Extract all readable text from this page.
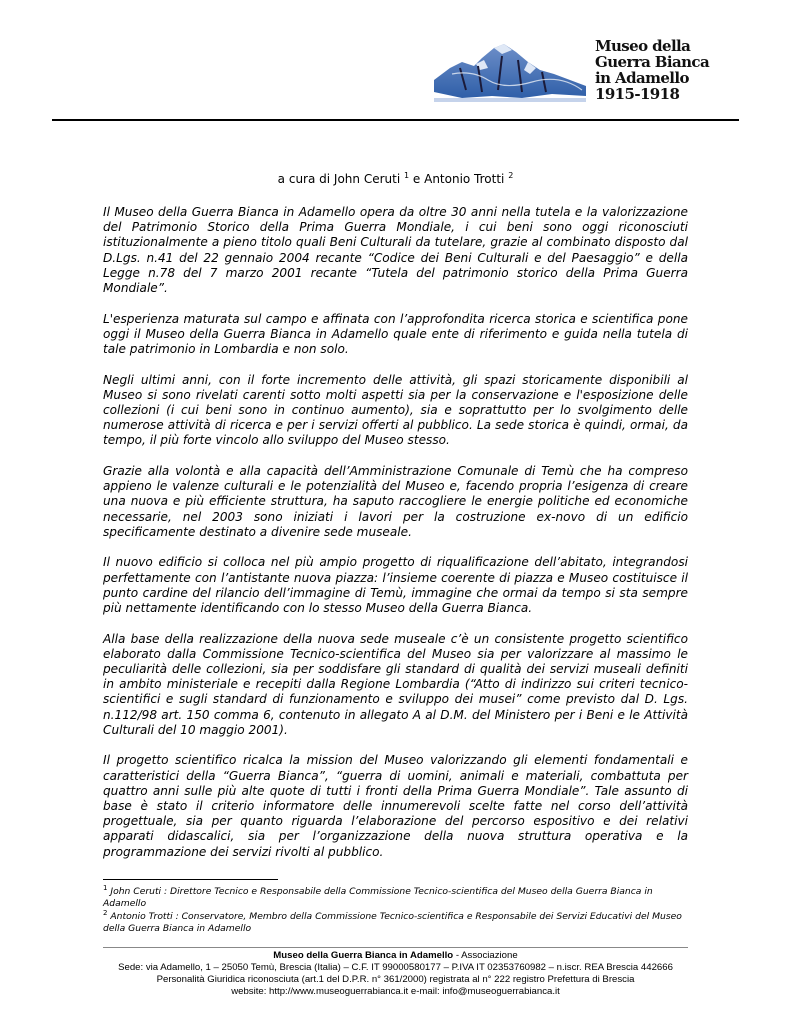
Museo della
Guerra Bianca
in Adamello
1915-1918
a cura di John Ceruti $^1$ e Antonio Trotti $^2$

Il Museo della Guerra Bianca in Adamello opera da oltre 30 anni nella tutela e la valorizzazione del Patrimonio Storico della Prima Guerra Mondiale, i cui beni sono oggi riconosciuti istituzionalmente a pieno titolo quali Beni Culturali da tutelare, grazie al combinato disposto dal D.Lgs. n.41 del 22 gennaio 2004 recante “Codice dei Beni Culturali e del Paesaggio” e della Legge n.78 del 7 marzo 2001 recante “Tutela del patrimonio storico della Prima Guerra Mondiale”.

L'esperienza maturata sul campo e affinata con l’approfondita ricerca storica e scientifica pone oggi il Museo della Guerra Bianca in Adamello quale ente di riferimento e guida nella tutela di tale patrimonio in Lombardia e non solo.

Negli ultimi anni, con il forte incremento delle attività, gli spazi storicamente disponibili al Museo si sono rivelati carenti sotto molti aspetti sia per la conservazione e l'esposizione delle collezioni (i cui beni sono in continuo aumento), sia e soprattutto per lo svolgimento delle numerose attività di ricerca e per i servizi offerti al pubblico. La sede storica è quindi, ormai, da tempo, il più forte vincolo allo sviluppo del Museo stesso.

Grazie alla volontà e alla capacità dell’Amministrazione Comunale di Temù che ha compreso appieno le valenze culturali e le potenzialità del Museo e, facendo propria l’esigenza di creare una nuova e più efficiente struttura, ha saputo raccogliere le energie politiche ed economiche necessarie, nel 2003 sono iniziati i lavori per la costruzione ex-novo di un edificio specificamente destinato a divenire sede museale.

Il nuovo edificio si colloca nel più ampio progetto di riqualificazione dell’abitato, integrandosi perfettamente con l’antistante nuova piazza: l’insieme coerente di piazza e Museo costituisce il punto cardine del rilancio dell’immagine di Temù, immagine che ormai da tempo si sta sempre più nettamente identificando con lo stesso Museo della Guerra Bianca.

Alla base della realizzazione della nuova sede museale c’è un consistente progetto scientifico elaborato dalla Commissione Tecnico-scientifica del Museo sia per valorizzare al massimo le peculiarità delle collezioni, sia per soddisfare gli standard di qualità dei servizi museali definiti in ambito ministeriale e recepiti dalla Regione Lombardia (“Atto di indirizzo sui criteri tecnico-scientifici e sugli standard di funzionamento e sviluppo dei musei” come previsto dal D. Lgs. n.112/98 art. 150 comma 6, contenuto in allegato A al D.M. del Ministero per i Beni e le Attività Culturali del 10 maggio 2001).

Il progetto scientifico ricalca la mission del Museo valorizzando gli elementi fondamentali e caratteristici della “Guerra Bianca”, “guerra di uomini, animali e materiali, combattuta per quattro anni sulle più alte quote di tutti i fronti della Prima Guerra Mondiale”. Tale assunto di base è stato il criterio informatore delle innumerevoli scelte fatte nel corso dell’attività progettuale, sia per quanto riguarda l’elaborazione del percorso espositivo e dei relativi apparati didascalici, sia per l’organizzazione della nuova struttura operativa e la programmazione dei servizi rivolti al pubblico.

$^1$ John Ceruti : Direttore Tecnico e Responsabile della Commissione Tecnico-scientifica del Museo della Guerra Bianca in Adamello

$^2$ Antonio Trotti : Conservatore, Membro della Commissione Tecnico-scientifica e Responsabile dei Servizi Educativi del Museo della Guerra Bianca in Adamello

Museo della Guerra Bianca in Adamello - Associazione
Sede: via Adamello, 1 – 25050 Temù, Brescia (Italia) – C.F. IT 99000580177 – P.IVA IT 02353760982 – n.iscr. REA Brescia 442666
Personalità Giuridica riconosciuta (art.1 del D.P.R. n° 361/2000) registrata al n° 222 registro Prefettura di Brescia
website: http://www.museoguerrabianca.it e-mail: info@museoguerrabianca.it
